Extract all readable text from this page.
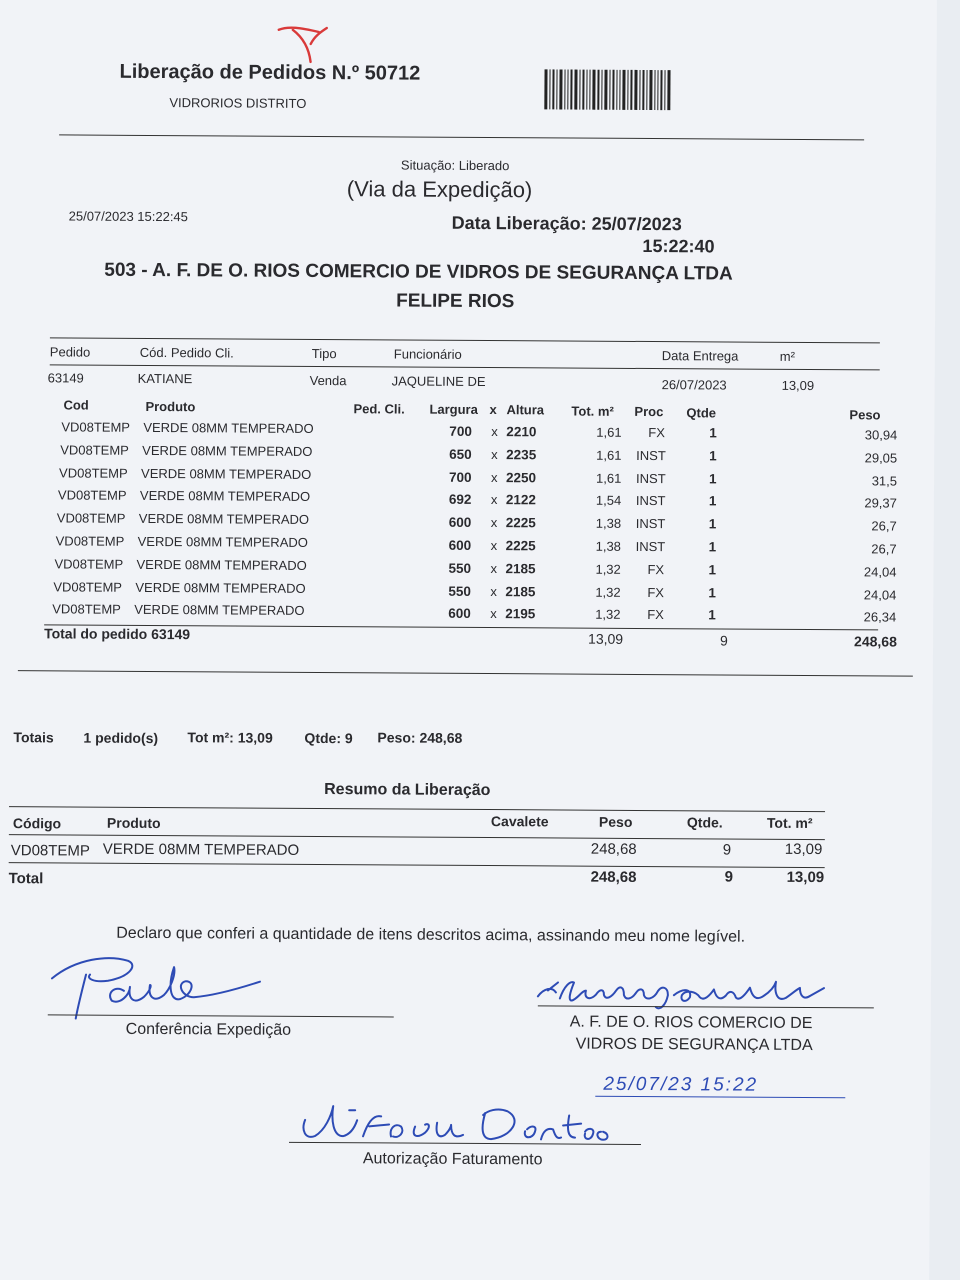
Liberação de Pedidos N.º 50712
VIDRORIOS DISTRITO
Situação: Liberado
(Via da Expedição)
25/07/2023 15:22:45	Data Liberação: 25/07/2023
15:22:40
503 - A. F. DE O. RIOS COMERCIO DE VIDROS DE SEGURANÇA LTDA
FELIPE RIOS
Pedido	Cód. Pedido Cli.	Tipo	Funcionário	Data Entrega	m²
63149	KATIANE	Venda	JAQUELINE DE	26/07/2023	13,09
Cod	Produto	Ped. Cli. Largura x Altura Tot. m² Proc Qtde	Peso
VD08TEMP VERDE 08MM TEMPERADO	700 x 2210	1,61 FX	1	30,94
VD08TEMP VERDE 08MM TEMPERADO	650 x 2235	1,61 INST	1	29,05
VD08TEMP VERDE 08MM TEMPERADO	700 x 2250	1,61 INST	1	31,5
VD08TEMP VERDE 08MM TEMPERADO	692 x 2122	1,54 INST	1	29,37
VD08TEMP VERDE 08MM TEMPERADO	600 x 2225	1,38 INST	1	26,7
VD08TEMP VERDE 08MM TEMPERADO	600 x 2225	1,38 INST	1	26,7
VD08TEMP VERDE 08MM TEMPERADO	550 x 2185	1,32 FX	1	24,04
VD08TEMP VERDE 08MM TEMPERADO	550 x 2185	1,32 FX	1	24,04
VD08TEMP VERDE 08MM TEMPERADO	600 x 2195	1,32 FX	1	26,34
Total do pedido 63149	13,09	9	248,68
Totais 1 pedido(s) Tot m²: 13,09 Qtde: 9 Peso: 248,68
Resumo da Liberação
Código	Produto	Cavalete	Peso	Qtde.	Tot. m²
VD08TEMP VERDE 08MM TEMPERADO	248,68	9	13,09
Total	248,68	9	13,09
Declaro que conferi a quantidade de itens descritos acima, assinando meu nome legível.
Conferência Expedição	A. F. DE O. RIOS COMERCIO DE
VIDROS DE SEGURANÇA LTDA
25/07/23 15:22
Autorização Faturamento
